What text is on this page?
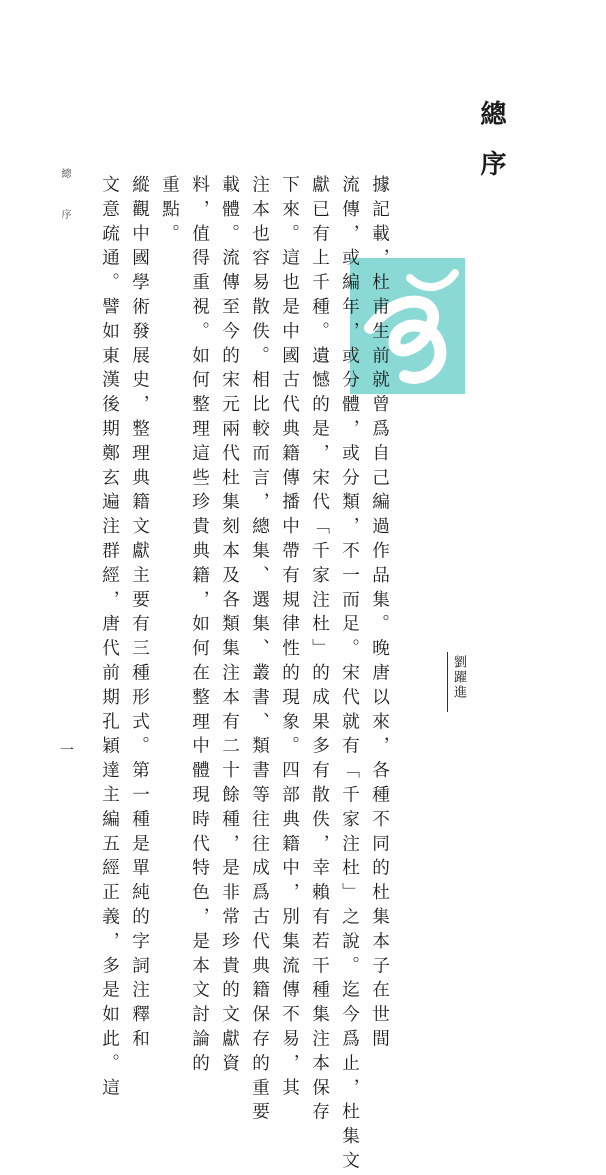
總序
劉躍進
據記載，杜甫生前就曾爲自己編過作品集。晚唐以來，各種不同的杜集本子在世間
流傳，或編年，或分體，或分類，不一而足。宋代就有「千家注杜」之說。迄今爲止，杜集文
獻已有上千種。遺憾的是，宋代「千家注杜」的成果多有散佚，幸賴有若干種集注本保存
下來。這也是中國古代典籍傳播中帶有規律性的現象。四部典籍中，別集流傳不易，其
注本也容易散佚。相比較而言，總集、選集、叢書、類書等往往成爲古代典籍保存的重要
載體。流傳至今的宋元兩代杜集刻本及各類集注本有二十餘種，是非常珍貴的文獻資
料，值得重視。如何整理這些珍貴典籍，如何在整理中體現時代特色，是本文討論的
重點。
縱觀中國學術發展史，整理典籍文獻主要有三種形式。第一種是單純的字詞注釋和
文意疏通。譬如東漢後期鄭玄遍注群經，唐代前期孔穎達主編五經正義，多是如此。這
總 序
一
